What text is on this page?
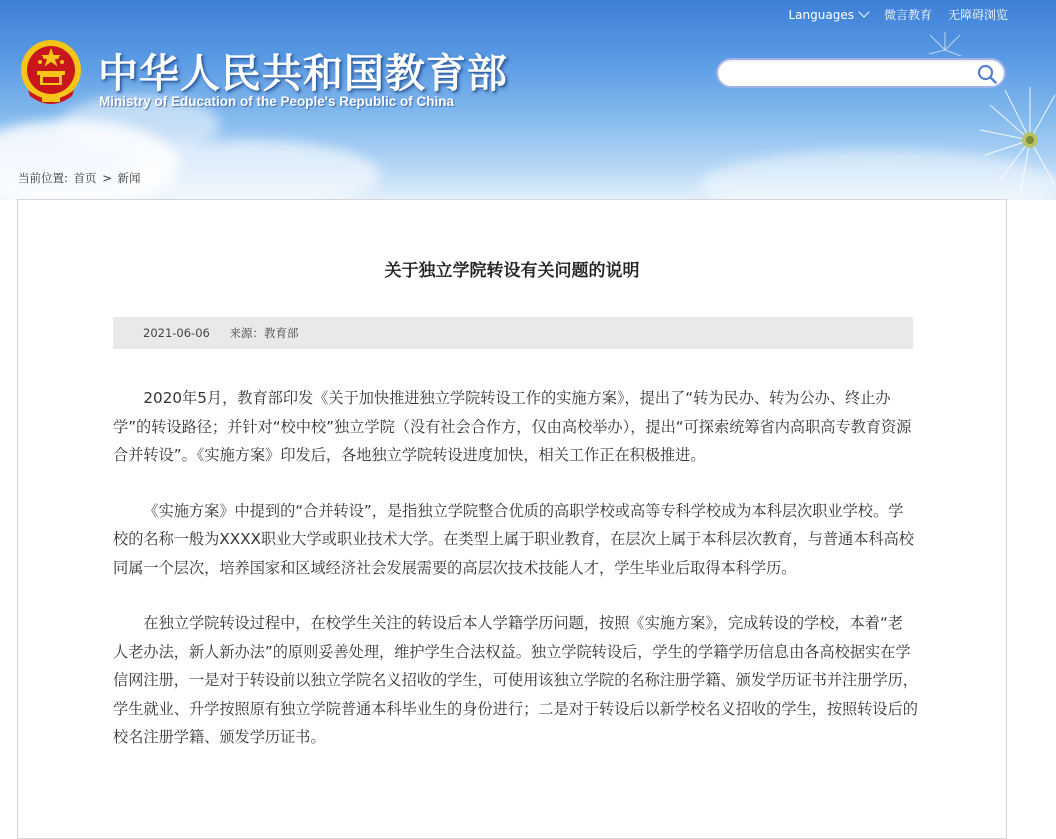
中华人民共和国教育部
Ministry of Education of the People's Republic of China
Languages	微言教育 无障碍浏览
当前位置: 首页 > 新闻
关于独立学院转设有关问题的说明
2021-06-06 来源：教育部

2020年5月，教育部印发《关于加快推进独立学院转设工作的实施方案》，提出了“转为民办、转为公办、终止办学”的转设路径；并针对“校中校”独立学院（没有社会合作方，仅由高校举办），提出“可探索统筹省内高职高专教育资源合并转设”。《实施方案》印发后，各地独立学院转设进度加快，相关工作正在积极推进。

《实施方案》中提到的“合并转设”，是指独立学院整合优质的高职学校或高等专科学校成为本科层次职业学校。学校的名称一般为XXXX职业大学或职业技术大学。在类型上属于职业教育，在层次上属于本科层次教育，与普通本科高校同属一个层次，培养国家和区域经济社会发展需要的高层次技术技能人才，学生毕业后取得本科学历。

在独立学院转设过程中，在校学生关注的转设后本人学籍学历问题，按照《实施方案》，完成转设的学校，本着“老人老办法，新人新办法”的原则妥善处理，维护学生合法权益。独立学院转设后，学生的学籍学历信息由各高校据实在学信网注册，一是对于转设前以独立学院名义招收的学生，可使用该独立学院的名称注册学籍、颁发学历证书并注册学历，学生就业、升学按照原有独立学院普通本科毕业生的身份进行；二是对于转设后以新学校名义招收的学生，按照转设后的校名注册学籍、颁发学历证书。
